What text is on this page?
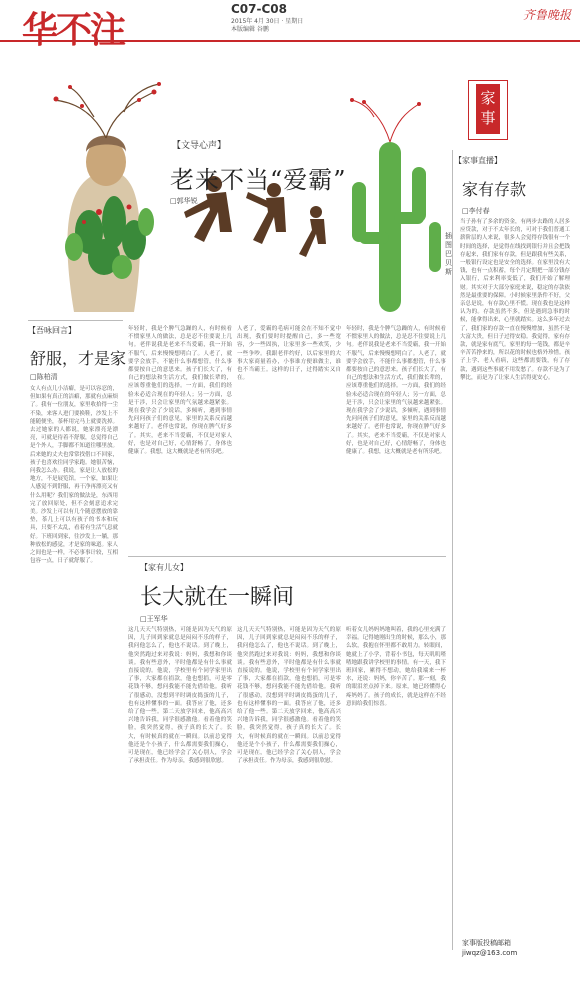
华不注	C07-C08
2015年 4月 30日 · 星期日
本版编辑 谷鹏
齐鲁晚报
家事
【文导心声】
老来不当“爱霸”
□郭华锐
插图 巴贝斯
【家事直播】
家有存款
□李付春
当子孙有了多余的资金，有两步去路的人居多应贷款，对于不太年长的，可对于我们普通工薪阶层的人来说，很多人会觉得存钱很有一个时间的选择，是觉得在线找到银行并且会把钱存起来，我们家有存款，但是跟我有些关系，一般银行设定也是安全的选择。在家里没有大钱，也有一点积蓄，每个月定期把一部分钱存入银行，后来利率变低了，我们开始了解理财。其实对于大部分家庭来说，稳定的存款依然是最重要的保障。小时候家里条件不好，父亲总是说，有存款心里不慌。现在我也是这样认为的。存款虽然不多，但是遇到急事的时候，能拿得出来，心里就踏实。这么多年过去了，我们家的存款一直在慢慢增加，虽然不是大富大贵，但日子过得安稳。我觉得，家有存款，就是家有底气。家里的每一笔钱，都是辛辛苦苦挣来的，所以花的时候也格外珍惜。孩子上学、老人看病，这些都需要钱，有了存款，遇到这些事就不用发愁了。存款不是为了攀比，而是为了让家人生活得更安心。
【吾咏回言】
舒服，才是家
□陈柏清
女人有点儿小洁癖，是可以容忍的，但如果有真正的洁癖，那就有点麻烦了。我有一位朋友，家里收拾得一尘不染，来客人进门要换鞋，沙发上不能随便坐，茶杯用完马上就要洗掉。去过她家的人都说，她家漂亮是漂亮，可就是待着不舒服，总觉得自己是个外人，手脚都不知道往哪里放。后来她的丈夫也常常找借口不回家，孩子也喜欢往同学家跑。她很苦恼，问我怎么办。我说，家是让人放松的地方，不是展览馆。一个家，如果让人感觉不到舒服，再干净再漂亮又有什么用呢？我们家的做法是，东西用完了放回原处，但不会刻意追求完美。沙发上可以有几个随意摆放的靠垫，茶几上可以有孩子的书本和玩具，只要不太乱，看着有生活气息就好。下班回到家，往沙发上一躺，那种放松的感觉，才是家的味道。家人之间也是一样，不必事事计较，互相包容一点，日子就舒服了。
年轻时，我是个脾气急躁的人，有时候看不惯家里人的做法，总是忍不住要说上几句。老伴说我是老来不当爱霸，我一开始不服气，后来慢慢想明白了。人老了，就要学会放手，不能什么事都想管，什么事都要按自己的意思来。孩子们长大了，有自己的想法和生活方式，我们做长辈的，应该尊重他们的选择。一方面，我们的经验未必适合现在的年轻人；另一方面，总是干涉，只会让家里的气氛越来越紧张。现在我学会了少说话，多倾听，遇到事情先问问孩子们的意见，家里的关系反而越来越好了。老伴也常说，你现在脾气好多了。其实，老来不当爱霸，不仅是对家人好，也是对自己好，心情舒畅了，身体也健康了。我想，这大概就是老有所乐吧。
人老了，爱霸的毛病可能会在不知不觉中出现，我们要时时提醒自己，多一些宽容，少一些固执，让家里多一些欢笑，少一些争吵。我跟老伴约好，以后家里的大事大家商量着办，小事谁方便谁做主，谁也不当霸王。这样的日子，过得踏实又自在。
年轻时，我是个脾气急躁的人，有时候看不惯家里人的做法，总是忍不住要说上几句。老伴说我是老来不当爱霸，我一开始不服气，后来慢慢想明白了。人老了，就要学会放手，不能什么事都想管，什么事都要按自己的意思来。孩子们长大了，有自己的想法和生活方式，我们做长辈的，应该尊重他们的选择。一方面，我们的经验未必适合现在的年轻人；另一方面，总是干涉，只会让家里的气氛越来越紧张。现在我学会了少说话，多倾听，遇到事情先问问孩子们的意见，家里的关系反而越来越好了。老伴也常说，你现在脾气好多了。其实，老来不当爱霸，不仅是对家人好，也是对自己好，心情舒畅了，身体也健康了。我想，这大概就是老有所乐吧。
【家有儿女】
长大就在一瞬间
□王军华
这几天天气特别热，可能是因为天气的原因，儿子回到家就总是闷闷不乐的样子，我问他怎么了，他也不说话。到了晚上，他突然跑过来对我说：妈妈，我想和你谈谈。我有些意外，平时他都是有什么事就直接说的。他说，学校里有个同学家里出了事，大家都在捐款，他也想捐，可是零花钱不够，想问我能不能先借给他。我听了很感动，没想到平时调皮捣蛋的儿子，也有这样懂事的一面。我答应了他，还多给了他一些。第二天放学回来，他高高兴兴地告诉我，同学很感激他。看着他的笑脸，我突然觉得，孩子真的长大了。长大，有时候真的就在一瞬间。以前总觉得他还是个小孩子，什么都需要我们操心，可是现在，他已经学会了关心别人，学会了承担责任。作为母亲，我感到很欣慰。
这几天天气特别热，可能是因为天气的原因，儿子回到家就总是闷闷不乐的样子，我问他怎么了，他也不说话。到了晚上，他突然跑过来对我说：妈妈，我想和你谈谈。我有些意外，平时他都是有什么事就直接说的。他说，学校里有个同学家里出了事，大家都在捐款，他也想捐，可是零花钱不够，想问我能不能先借给他。我听了很感动，没想到平时调皮捣蛋的儿子，也有这样懂事的一面。我答应了他，还多给了他一些。第二天放学回来，他高高兴兴地告诉我，同学很感激他。看着他的笑脸，我突然觉得，孩子真的长大了。长大，有时候真的就在一瞬间。以前总觉得他还是个小孩子，什么都需要我们操心，可是现在，他已经学会了关心别人，学会了承担责任。作为母亲，我感到很欣慰。
听着女儿妈妈妈地叫着，我的心里充满了幸福。记得她刚出生的时候，那么小，那么软，我抱在怀里都不敢用力。转眼间，她就上了小学，背着小书包，每天叽叽喳喳地跟我讲学校里的事情。有一天，我下班回家，累得不想动，她给我端来一杯水，还说：妈妈，你辛苦了。那一刻，我的眼泪差点掉下来。原来，她已经懂得心疼妈妈了。孩子的成长，就是这样在不经意间给我们惊喜。
家事版投稿邮箱
jiwqz@163.com
